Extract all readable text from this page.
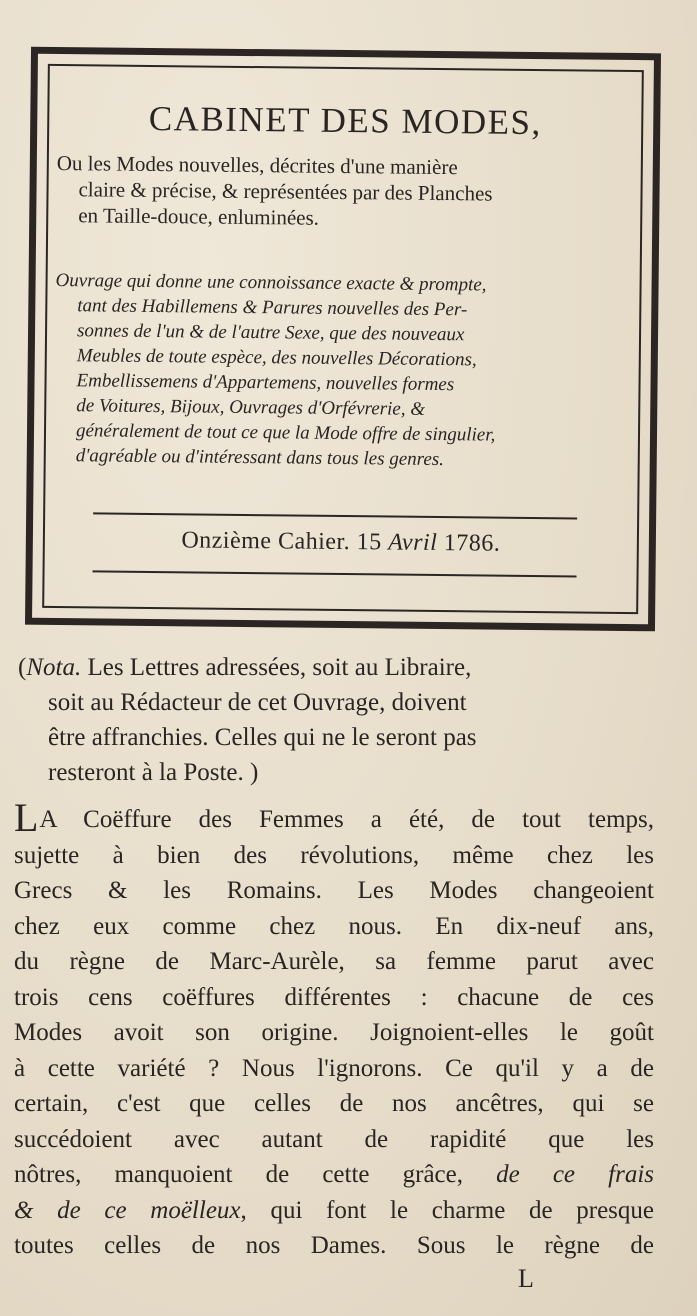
CABINET DES MODES,
Ou les Modes nouvelles, décrites d'une manière
claire & précise, & représentées par des Planches
en Taille-douce, enluminées.
Ouvrage qui donne une connoissance exacte & prompte,
tant des Habillemens & Parures nouvelles des Per-
sonnes de l'un & de l'autre Sexe, que des nouveaux
Meubles de toute espèce, des nouvelles Décorations,
Embellissemens d'Appartemens, nouvelles formes
de Voitures, Bijoux, Ouvrages d'Orfévrerie, &
généralement de tout ce que la Mode offre de singulier,
d'agréable ou d'intéressant dans tous les genres.
Onzième Cahier. 15 Avril 1786.
(Nota. Les Lettres adressées, soit au Libraire,
soit au Rédacteur de cet Ouvrage, doivent
être affranchies. Celles qui ne le seront pas
resteront à la Poste. )
LA Coëffure des Femmes a été, de tout temps,
sujette à bien des révolutions, même chez les
Grecs & les Romains. Les Modes changeoient
chez eux comme chez nous. En dix-neuf ans,
du règne de Marc-Aurèle, sa femme parut avec
trois cens coëffures différentes : chacune de ces
Modes avoit son origine. Joignoient-elles le goût
à cette variété ? Nous l'ignorons. Ce qu'il y a de
certain, c'est que celles de nos ancêtres, qui se
succédoient avec autant de rapidité que les
nôtres, manquoient de cette grâce, de ce frais
& de ce moëlleux, qui font le charme de presque
toutes celles de nos Dames. Sous le règne de
L
